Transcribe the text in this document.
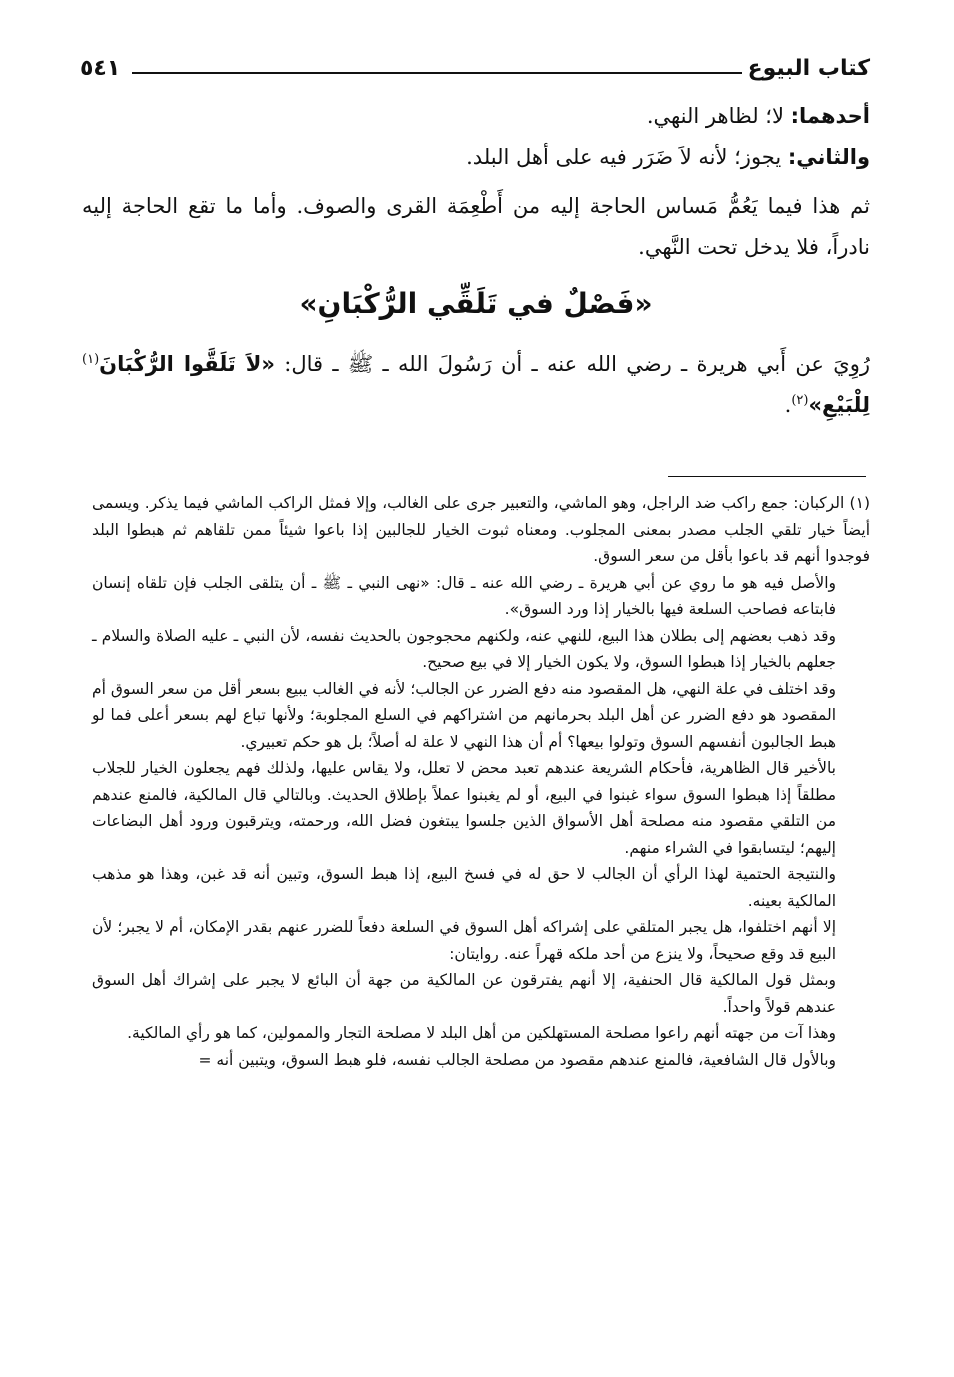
كتاب البيوع
٥٤١

أحدهما: لا؛ لظاهر النهي.

والثاني: يجوز؛ لأنه لاَ ضَرَر فيه على أهل البلد.

ثم هذا فيما يَعُمُّ مَساس الحاجة إليه من أَطْعِمَة القرى والصوف. وأما ما تقع الحاجة إليه نادراً، فلا يدخل تحت النَّهي.

«فَصْلٌ في تَلَقِّي الرُّكْبَانِ»

رُوِيَ عن أَبي هريرة ـ رضي الله عنه ـ أن رَسُولَ الله ـ ﷺ ـ قال: «لاَ تَلَقَّوا الرُّكْبَانَ$^{(١)}$ لِلْبَيْعِ»$^{(٢)}$.

(١) الركبان: جمع راكب ضد الراجل، وهو الماشي، والتعبير جرى على الغالب، وإلا فمثل الراكب الماشي فيما يذكر. ويسمى أيضاً خيار تلقي الجلب مصدر بمعنى المجلوب. ومعناه ثبوت الخيار للجالبين إذا باعوا شيئاً ممن تلقاهم ثم هبطوا البلد فوجدوا أنهم قد باعوا بأقل من سعر السوق.

والأصل فيه هو ما روي عن أبي هريرة ـ رضي الله عنه ـ قال: «نهى النبي ـ ﷺ ـ أن يتلقى الجلب فإن تلقاه إنسان فابتاعه فصاحب السلعة فيها بالخيار إذا ورد السوق».

وقد ذهب بعضهم إلى بطلان هذا البيع، للنهي عنه، ولكنهم محجوجون بالحديث نفسه، لأن النبي ـ عليه الصلاة والسلام ـ جعلهم بالخيار إذا هبطوا السوق، ولا يكون الخيار إلا في بيع صحيح.

وقد اختلف في علة النهي، هل المقصود منه دفع الضرر عن الجالب؛ لأنه في الغالب يبيع بسعر أقل من سعر السوق أم المقصود هو دفع الضرر عن أهل البلد بحرمانهم من اشتراكهم في السلع المجلوبة؛ ولأنها تباع لهم بسعر أعلى فما لو هبط الجالبون أنفسهم السوق وتولوا بيعها؟ أم أن هذا النهي لا علة له أصلاً؛ بل هو حكم تعبيري.

بالأخير قال الظاهرية، فأحكام الشريعة عندهم تعبد محض لا تعلل، ولا يقاس عليها، ولذلك فهم يجعلون الخيار للجلاب مطلقاً إذا هبطوا السوق سواء غبنوا في البيع، أو لم يغبنوا عملاً بإطلاق الحديث. وبالتالي قال المالكية، فالمنع عندهم من التلقي مقصود منه مصلحة أهل الأسواق الذين جلسوا يبتغون فضل الله، ورحمته، ويترقبون ورود أهل البضاعات إليهم؛ ليتسابقوا في الشراء منهم.

والنتيجة الحتمية لهذا الرأي أن الجالب لا حق له في فسخ البيع، إذا هبط السوق، وتبين أنه قد غبن، وهذا هو مذهب المالكية بعينه.

إلا أنهم اختلفوا، هل يجبر المتلقي على إشراكه أهل السوق في السلعة دفعاً للضرر عنهم بقدر الإمكان، أم لا يجبر؛ لأن البيع قد وقع صحيحاً، ولا ينزع من أحد ملكه قهراً عنه. روايتان:

وبمثل قول المالكية قال الحنفية، إلا أنهم يفترقون عن المالكية من جهة أن البائع لا يجبر على إشراك أهل السوق عندهم قولاً واحداً.

وهذا آت من جهته أنهم راعوا مصلحة المستهلكين من أهل البلد لا مصلحة التجار والممولين، كما هو رأي المالكية.

وبالأول قال الشافعية، فالمنع عندهم مقصود من مصلحة الجالب نفسه، فلو هبط السوق، ويتبين أنه =
